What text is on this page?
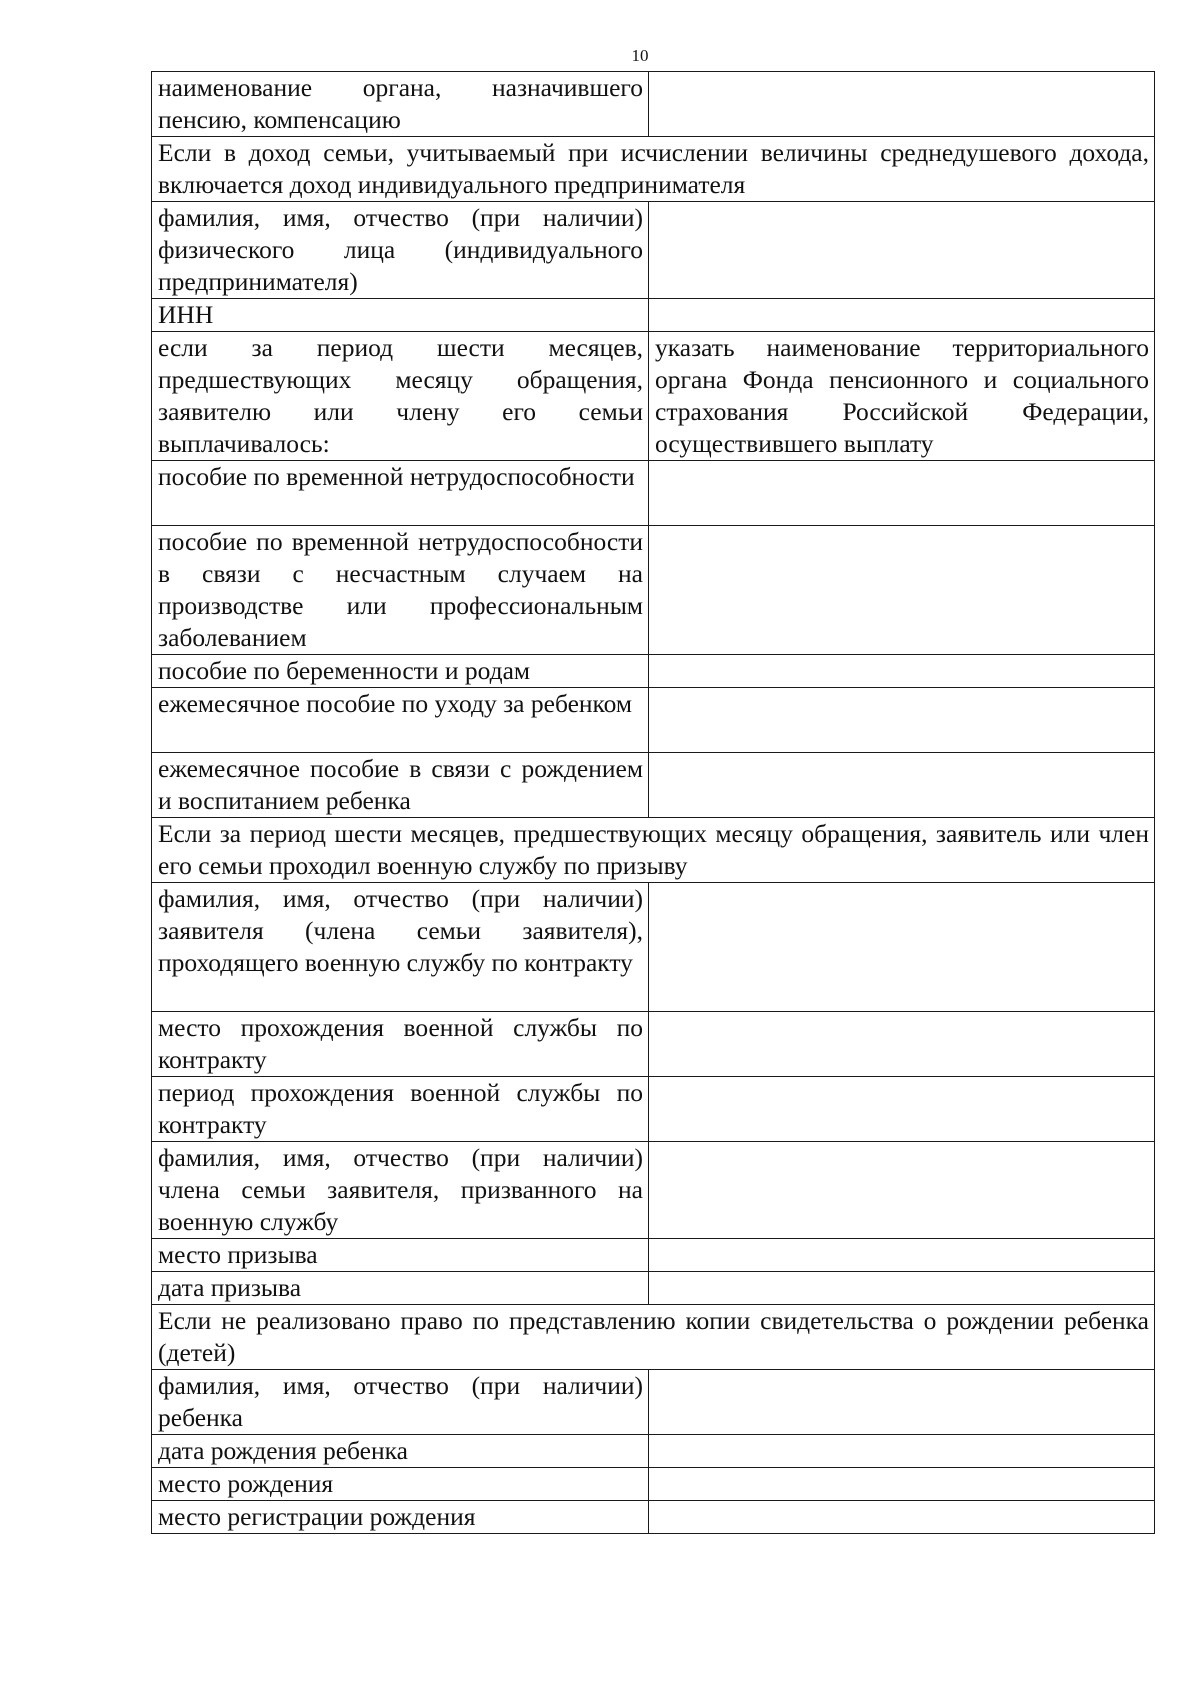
10
наименование органа, назначившего пенсию, компенсацию	
Если в доход семьи, учитываемый при исчислении величины среднедушевого дохода, включается доход индивидуального предпринимателя	
фамилия, имя, отчество (при наличии) физического лица (индивидуального предпринимателя)	
ИНН	
если за период шести месяцев, предшествующих месяцу обращения, заявителю или члену его семьи выплачивалось:	указать наименование территориального органа Фонда пенсионного и социального страхования Российской Федерации, осуществившего выплату
пособие по временной нетрудоспособности	
пособие по временной нетрудоспособности в связи с несчастным случаем на производстве или профессиональным заболеванием	
пособие по беременности и родам	
ежемесячное пособие по уходу за ребенком	
ежемесячное пособие в связи с рождением и воспитанием ребенка	
Если за период шести месяцев, предшествующих месяцу обращения, заявитель или член его семьи проходил военную службу по призыву	
фамилия, имя, отчество (при наличии) заявителя (члена семьи заявителя), проходящего военную службу по контракту	
место прохождения военной службы по контракту	
период прохождения военной службы по контракту	
фамилия, имя, отчество (при наличии) члена семьи заявителя, призванного на военную службу	
место призыва	
дата призыва	
Если не реализовано право по представлению копии свидетельства о рождении ребенка (детей)	
фамилия, имя, отчество (при наличии) ребенка	
дата рождения ребенка	
место рождения	
место регистрации рождения	
